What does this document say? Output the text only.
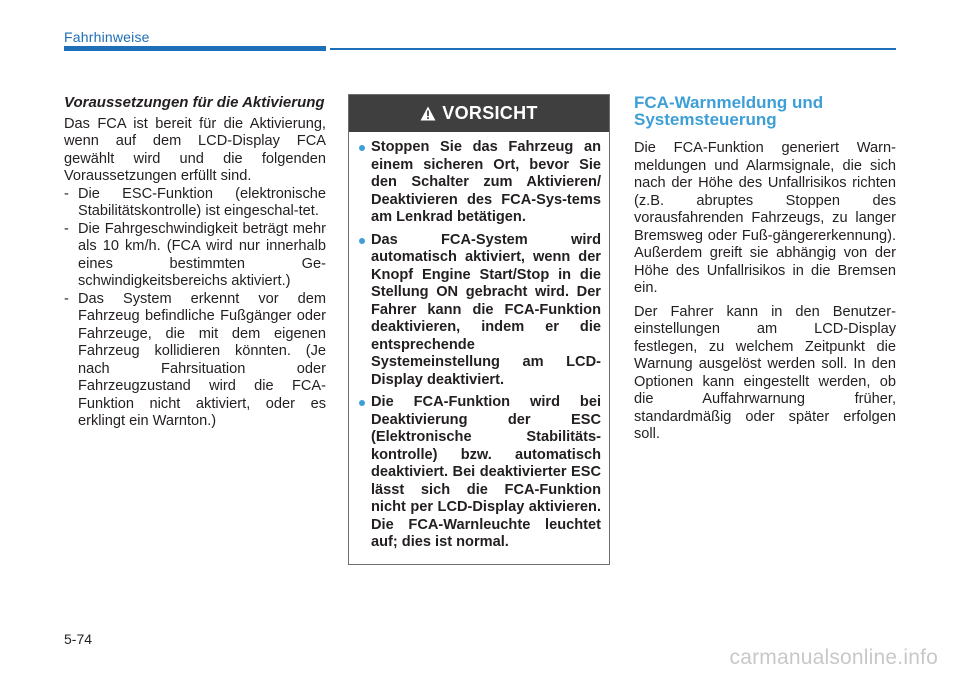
Fahrhinweise
Voraussetzungen für die Aktivierung

Das FCA ist bereit für die Aktivierung, wenn auf dem LCD-Display FCA gewählt wird und die folgenden Voraussetzungen erfüllt sind.

- Die ESC-Funktion (elektronische Stabilitätskontrolle) ist eingeschal-tet.
- Die Fahrgeschwindigkeit beträgt mehr als 10 km/h. (FCA wird nur innerhalb eines bestimmten Ge-schwindigkeitsbereichs aktiviert.)
- Das System erkennt vor dem Fahrzeug befindliche Fußgänger oder Fahrzeuge, die mit dem eigenen Fahrzeug kollidieren könnten. (Je nach Fahrsituation oder Fahrzeugzustand wird die FCA-Funktion nicht aktiviert, oder es erklingt ein Warnton.)
VORSICHT
Stoppen Sie das Fahrzeug an einem sicheren Ort, bevor Sie den Schalter zum Aktivieren/ Deaktivieren des FCA-Sys-tems am Lenkrad betätigen.
Das FCA-System wird automatisch aktiviert, wenn der Knopf Engine Start/Stop in die Stellung ON gebracht wird. Der Fahrer kann die FCA-Funktion deaktivieren, indem er die entsprechende Systemeinstellung am LCD-Display deaktiviert.
Die FCA-Funktion wird bei Deaktivierung der ESC (Elektronische Stabilitäts-kontrolle) bzw. automatisch deaktiviert. Bei deaktivierter ESC lässt sich die FCA-Funktion nicht per LCD-Display aktivieren. Die FCA-Warnleuchte leuchtet auf; dies ist normal.
FCA-Warnmeldung und Systemsteuerung

Die FCA-Funktion generiert Warn-meldungen und Alarmsignale, die sich nach der Höhe des Unfallrisikos richten (z.B. abruptes Stoppen des vorausfahrenden Fahrzeugs, zu langer Bremsweg oder Fuß-gängererkennung). Außerdem greift sie abhängig von der Höhe des Unfallrisikos in die Bremsen ein.

Der Fahrer kann in den Benutzer-einstellungen am LCD-Display festlegen, zu welchem Zeitpunkt die Warnung ausgelöst werden soll. In den Optionen kann eingestellt werden, ob die Auffahrwarnung früher, standardmäßig oder später erfolgen soll.

5-74
carmanualsonline.info
